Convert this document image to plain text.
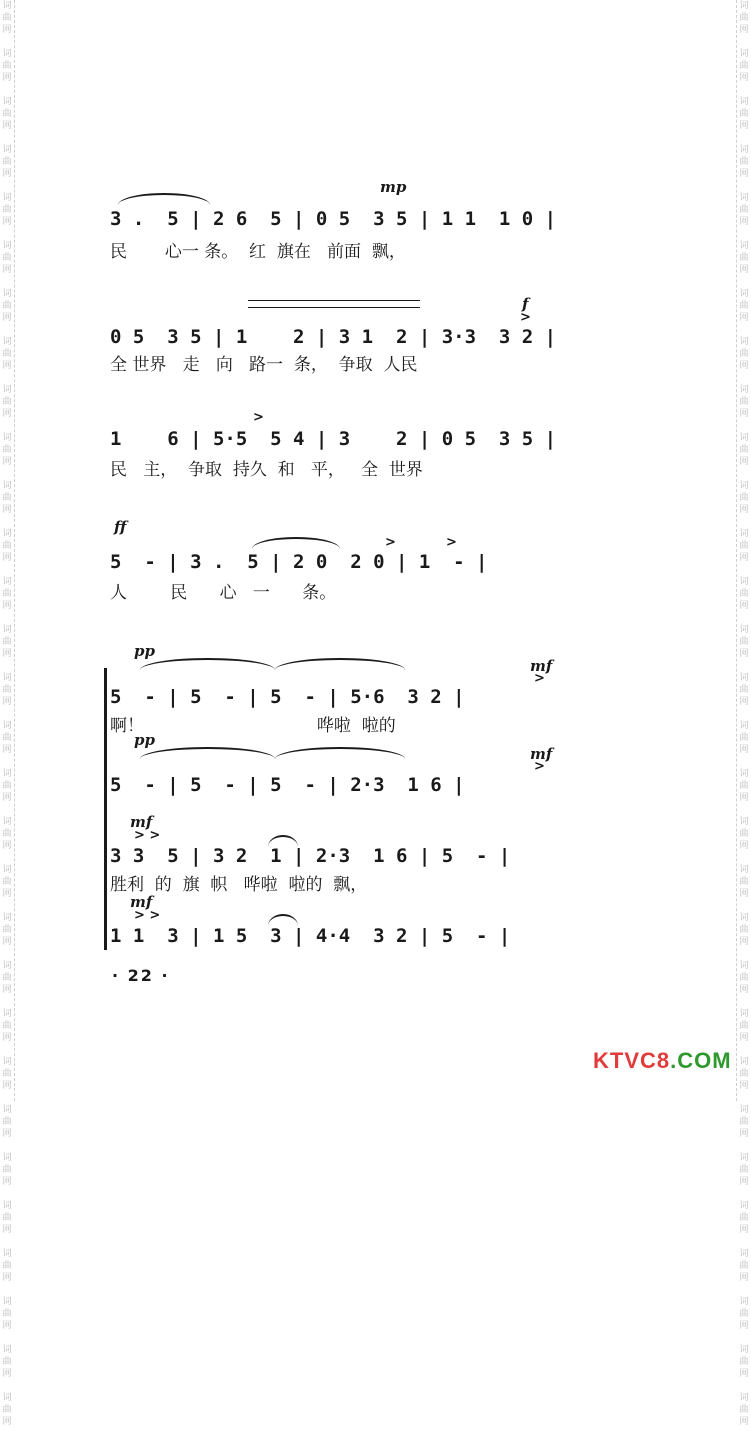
词
曲
网

词
曲
网

词
曲
网

词
曲
网

词
曲
网

词
曲
网

词
曲
网

词
曲
网

词
曲
网

词
曲
网

词
曲
网

词
曲
网

词
曲
网

词
曲
网

词
曲
网

词
曲
网

词
曲
网

词
曲
网

词
曲
网

词
曲
网

词
曲
网

词
曲
网

词
曲
网

词
曲
网

词
曲
网

词
曲
网

词
曲
网

词
曲
网

词
曲
网

词
曲
网

词
曲
网

词
曲
网

词
曲
网

词
曲
网

词
曲
网

词
曲
网

词
曲
网

词
曲
网

词
曲
网

词
曲
网

词
曲
网

词
曲
网

词
曲
网

词
曲
网

词
曲
网

词
曲
网

词
曲
网

词
曲
网

词
曲
网

词
曲
网

词
曲
网

词
曲
网

词
曲
网

词
曲
网

词
曲
网

词
曲
网

词
曲
网

词
曲
网

词
曲
网

词
曲
网

mp
3 .  5 | 2 6  5 | 0 5  3 5 | 1 1  1 0 |
民       心一 条。  红  旗在   前面  飘，
f
>
0 5  3 5 | 1    2 | 3 1  2 | 3·3  3 2 |
全 世界   走   向   路一  条，  争取  人民
>
1    6 | 5·5  5 4 | 3    2 | 0 5  3 5 |
民   主，  争取  持久  和   平，   全  世界
ff
>	>
5  - | 3 .  5 | 2 0  2 0 | 1  - |
人        民      心   一      条。
pp
mf
>
5  - | 5  - | 5  - | 5·6  3 2 |
啊！                                哗啦  啦的
pp
mf
>
5  - | 5  - | 5  - | 2·3  1 6 |
mf
> >
3 3  5 | 3 2  1 | 2·3  1 6 | 5  - |
胜利  的  旗  帜   哗啦  啦的  飘，
mf
> >
1 1  3 | 1 5  3 | 4·4  3 2 | 5  - |
· 22 ·
KTVC8.COM
